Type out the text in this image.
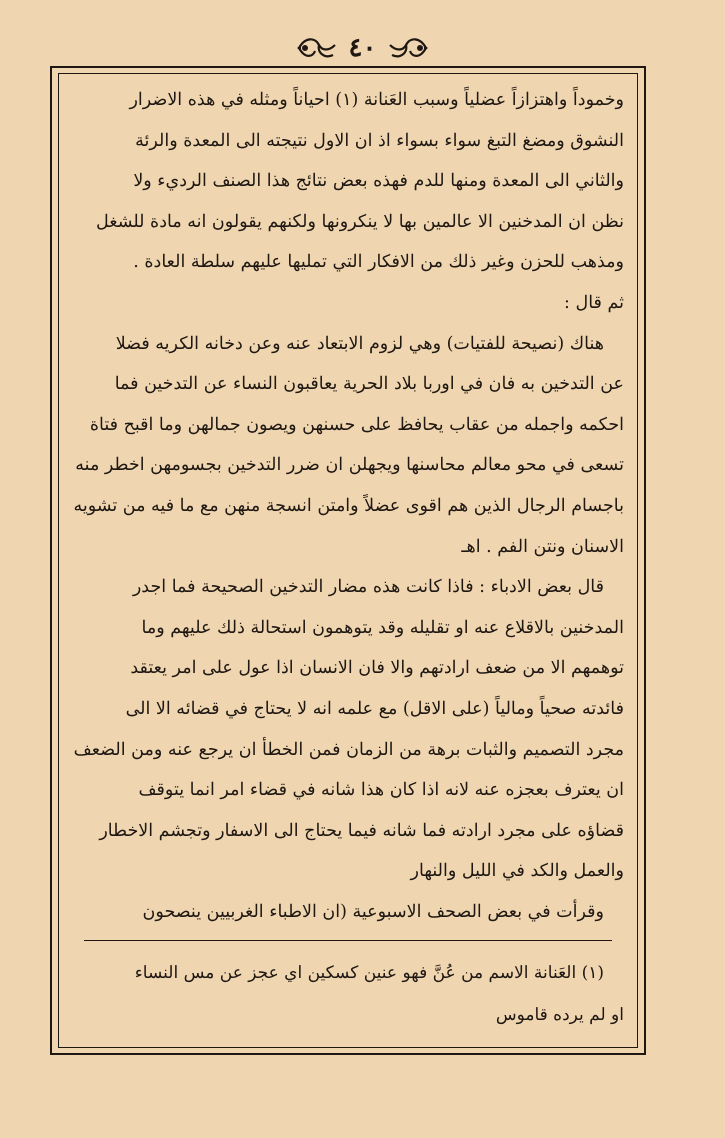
٤٠
وخموداً واهتزازاً عضلياً وسبب العَنانة (١) احياناً ومثله في هذه الاضرار
النشوق ومضغ التبغ سواء بسواء اذ ان الاول نتيجته الى المعدة والرئة
والثاني الى المعدة ومنها للدم فهذه بعض نتائج هذا الصنف الرديء ولا
نظن ان المدخنين الا عالمين بها لا ينكرونها ولكنهم يقولون انه مادة للشغل
ومذهب للحزن وغير ذلك من الافكار التي تمليها عليهم سلطة العادة .
ثم قال :
هناك (نصيحة للفتيات) وهي لزوم الابتعاد عنه وعن دخانه الكريه فضلا
عن التدخين به فان في اوربا بلاد الحرية يعاقبون النساء عن التدخين فما
احكمه واجمله من عقاب يحافظ على حسنهن ويصون جمالهن وما اقبح فتاة
تسعى في محو معالم محاسنها ويجهلن ان ضرر التدخين بجسومهن اخطر منه
باجسام الرجال الذين هم اقوى عضلاً وامتن انسجة منهن مع ما فيه من تشويه
الاسنان ونتن الفم . اهـ
قال بعض الادباء : فاذا كانت هذه مضار التدخين الصحيحة فما اجدر
المدخنين بالاقلاع عنه او تقليله وقد يتوهمون استحالة ذلك عليهم وما
توهمهم الا من ضعف ارادتهم والا فان الانسان اذا عول على امر يعتقد
فائدته صحياً ومالياً (على الاقل) مع علمه انه لا يحتاج في قضائه الا الى
مجرد التصميم والثبات برهة من الزمان فمن الخطأ ان يرجع عنه ومن الضعف
ان يعترف بعجزه عنه لانه اذا كان هذا شانه في قضاء امر انما يتوقف
قضاؤه على مجرد ارادته فما شانه فيما يحتاج الى الاسفار وتجشم الاخطار
والعمل والكد في الليل والنهار
وقرأت في بعض الصحف الاسبوعية (ان الاطباء الغربيين ينصحون
(١) العَنانة الاسم من عُنَّ فهو عنين كسكين اي عجز عن مس النساء
او لم يرده قاموس
